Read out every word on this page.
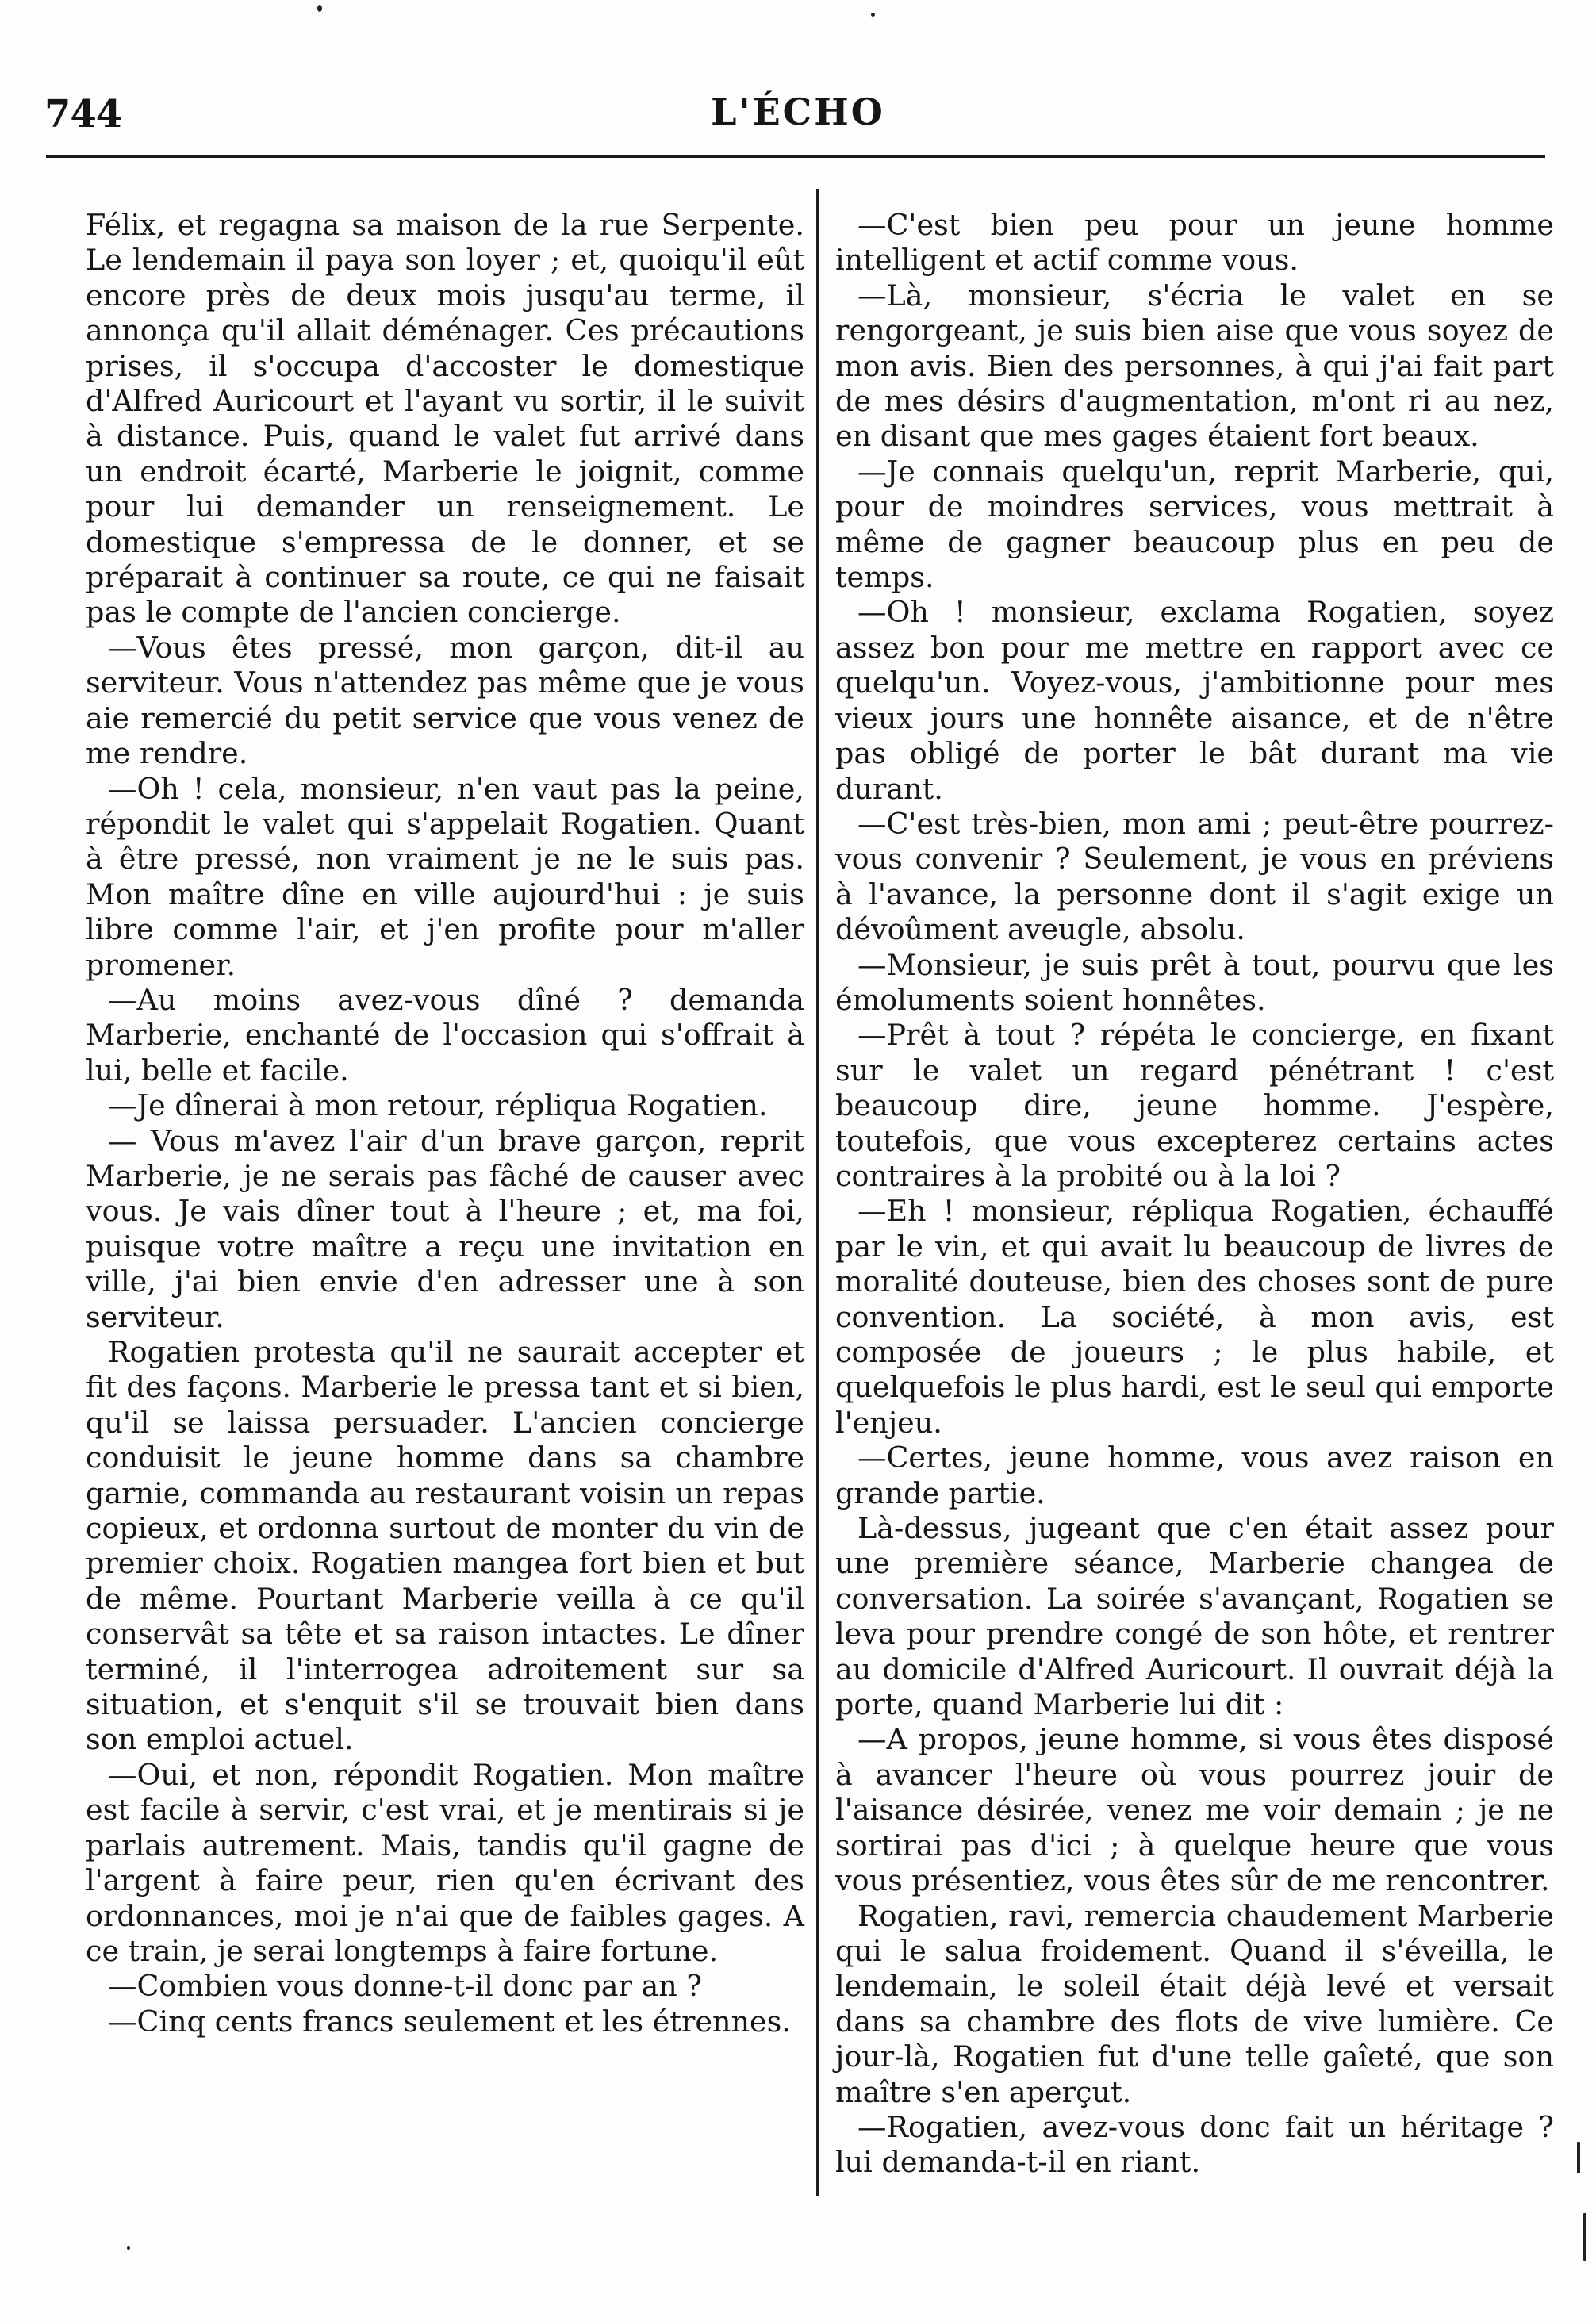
744	L'ÉCHO

Félix, et regagna sa maison de la rue Serpente. Le lendemain il paya son loyer ; et, quoiqu'il eût encore près de deux mois jusqu'au terme, il annonça qu'il allait déménager. Ces précautions prises, il s'occupa d'accoster le domestique d'Alfred Auricourt et l'ayant vu sortir, il le suivit à distance. Puis, quand le valet fut arrivé dans un endroit écarté, Marberie le joignit, comme pour lui demander un renseignement. Le domestique s'empressa de le donner, et se préparait à continuer sa route, ce qui ne faisait pas le compte de l'ancien concierge.

—Vous êtes pressé, mon garçon, dit-il au serviteur. Vous n'attendez pas même que je vous aie remercié du petit service que vous venez de me rendre.

—Oh ! cela, monsieur, n'en vaut pas la peine, répondit le valet qui s'appelait Rogatien. Quant à être pressé, non vraiment je ne le suis pas. Mon maître dîne en ville aujourd'hui : je suis libre comme l'air, et j'en profite pour m'aller promener.

—Au moins avez-vous dîné ? demanda Marberie, enchanté de l'occasion qui s'offrait à lui, belle et facile.

—Je dînerai à mon retour, répliqua Rogatien.

— Vous m'avez l'air d'un brave garçon, reprit Marberie, je ne serais pas fâché de causer avec vous. Je vais dîner tout à l'heure ; et, ma foi, puisque votre maître a reçu une invitation en ville, j'ai bien envie d'en adresser une à son serviteur.

Rogatien protesta qu'il ne saurait accepter et fit des façons. Marberie le pressa tant et si bien, qu'il se laissa persuader. L'ancien concierge conduisit le jeune homme dans sa chambre garnie, commanda au restaurant voisin un repas copieux, et ordonna surtout de monter du vin de premier choix. Rogatien mangea fort bien et but de même. Pourtant Marberie veilla à ce qu'il conservât sa tête et sa raison intactes. Le dîner terminé, il l'interrogea adroitement sur sa situation, et s'enquit s'il se trouvait bien dans son emploi actuel.

—Oui, et non, répondit Rogatien. Mon maître est facile à servir, c'est vrai, et je mentirais si je parlais autrement. Mais, tandis qu'il gagne de l'argent à faire peur, rien qu'en écrivant des ordonnances, moi je n'ai que de faibles gages. A ce train, je serai longtemps à faire fortune.

—Combien vous donne-t-il donc par an ?

—Cinq cents francs seulement et les étrennes.

—C'est bien peu pour un jeune homme intelligent et actif comme vous.

—Là, monsieur, s'écria le valet en se rengorgeant, je suis bien aise que vous soyez de mon avis. Bien des personnes, à qui j'ai fait part de mes désirs d'augmentation, m'ont ri au nez, en disant que mes gages étaient fort beaux.

—Je connais quelqu'un, reprit Marberie, qui, pour de moindres services, vous mettrait à même de gagner beaucoup plus en peu de temps.

—Oh ! monsieur, exclama Rogatien, soyez assez bon pour me mettre en rapport avec ce quelqu'un. Voyez-vous, j'ambitionne pour mes vieux jours une honnête aisance, et de n'être pas obligé de porter le bât durant ma vie durant.

—C'est très-bien, mon ami ; peut-être pourrez-vous convenir ? Seulement, je vous en préviens à l'avance, la personne dont il s'agit exige un dévoûment aveugle, absolu.

—Monsieur, je suis prêt à tout, pourvu que les émoluments soient honnêtes.

—Prêt à tout ? répéta le concierge, en fixant sur le valet un regard pénétrant ! c'est beaucoup dire, jeune homme. J'espère, toutefois, que vous excepterez certains actes contraires à la probité ou à la loi ?

—Eh ! monsieur, répliqua Rogatien, échauffé par le vin, et qui avait lu beaucoup de livres de moralité douteuse, bien des choses sont de pure convention. La société, à mon avis, est composée de joueurs ; le plus habile, et quelquefois le plus hardi, est le seul qui emporte l'enjeu.

—Certes, jeune homme, vous avez raison en grande partie.

Là-dessus, jugeant que c'en était assez pour une première séance, Marberie changea de conversation. La soirée s'avançant, Rogatien se leva pour prendre congé de son hôte, et rentrer au domicile d'Alfred Auricourt. Il ouvrait déjà la porte, quand Marberie lui dit :

—A propos, jeune homme, si vous êtes disposé à avancer l'heure où vous pourrez jouir de l'aisance désirée, venez me voir demain ; je ne sortirai pas d'ici ; à quelque heure que vous vous présentiez, vous êtes sûr de me rencontrer.

Rogatien, ravi, remercia chaudement Marberie qui le salua froidement. Quand il s'éveilla, le lendemain, le soleil était déjà levé et versait dans sa chambre des flots de vive lumière. Ce jour-là, Rogatien fut d'une telle gaîeté, que son maître s'en aperçut.

—Rogatien, avez-vous donc fait un héritage ? lui demanda-t-il en riant.
